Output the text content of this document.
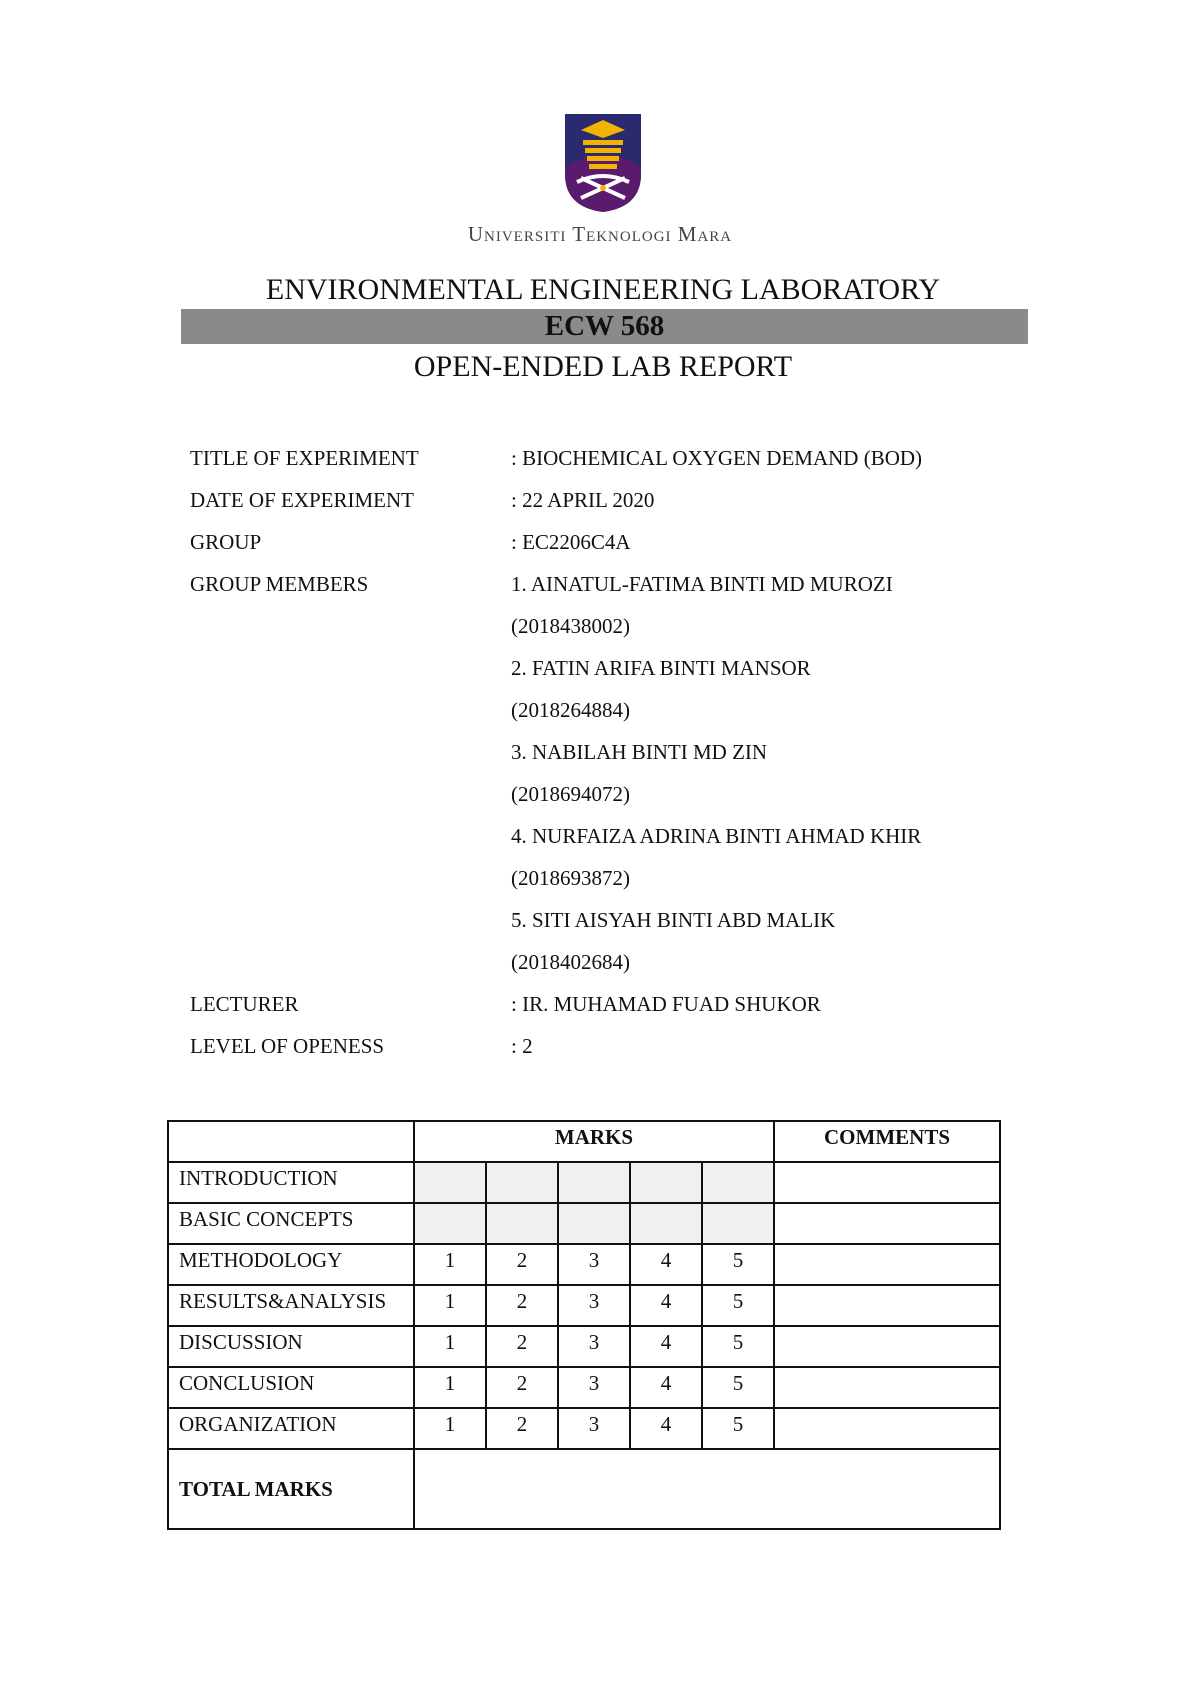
Universiti Teknologi Mara
ENVIRONMENTAL ENGINEERING LABORATORY
ECW 568
OPEN-ENDED LAB REPORT
TITLE OF EXPERIMENT	: BIOCHEMICAL OXYGEN DEMAND (BOD)
DATE OF EXPERIMENT	: 22 APRIL 2020
GROUP	: EC2206C4A
GROUP MEMBERS	1. AINATUL-FATIMA BINTI MD MUROZI
(2018438002)
2. FATIN ARIFA BINTI MANSOR
(2018264884)
3. NABILAH BINTI MD ZIN
(2018694072)
4. NURFAIZA ADRINA BINTI AHMAD KHIR
(2018693872)
5. SITI AISYAH BINTI ABD MALIK
(2018402684)
LECTURER	: IR. MUHAMAD FUAD SHUKOR
LEVEL OF OPENESS	: 2
	MARKS					COMMENTS
INTRODUCTION						
BASIC CONCEPTS						
METHODOLOGY	1	2	3	4	5	
RESULTS&ANALYSIS	1	2	3	4	5	
DISCUSSION	1	2	3	4	5	
CONCLUSION	1	2	3	4	5	
ORGANIZATION	1	2	3	4	5	
TOTAL MARKS						
